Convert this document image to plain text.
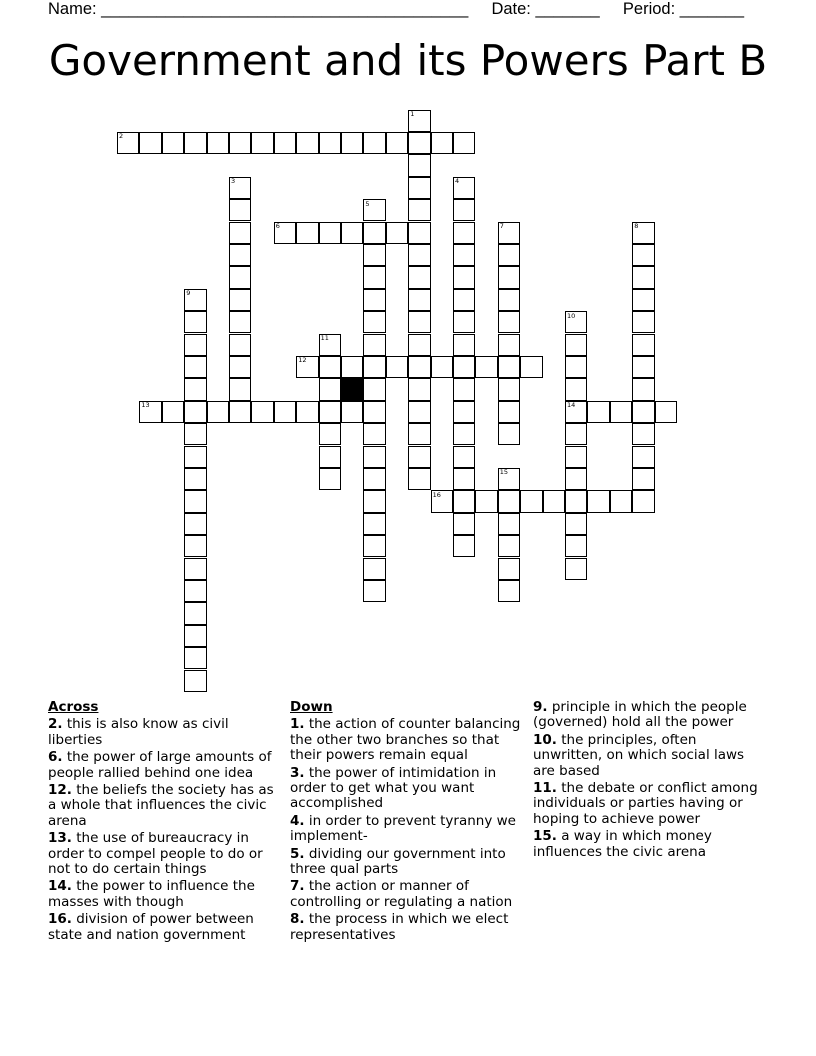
Name: ________________________________________ Date: _______ Period: _______
Government and its Powers Part B
1
2
3	4
5
6	7	8
9
10
11
12
13	14
15
16
Across
2. this is also know as civil liberties
6. the power of large amounts of people rallied behind one idea
12. the beliefs the society has as a whole that influences the civic arena
13. the use of bureaucracy in order to compel people to do or not to do certain things
14. the power to influence the masses with though
16. division of power between state and nation government
Down
1. the action of counter balancing the other two branches so that their powers remain equal
3. the power of intimidation in order to get what you want accomplished
4. in order to prevent tyranny we implement-
5. dividing our government into three qual parts
7. the action or manner of controlling or regulating a nation
8. the process in which we elect representatives
9. principle in which the people (governed) hold all the power
10. the principles, often unwritten, on which social laws are based
11. the debate or conflict among individuals or parties having or hoping to achieve power
15. a way in which money influences the civic arena
